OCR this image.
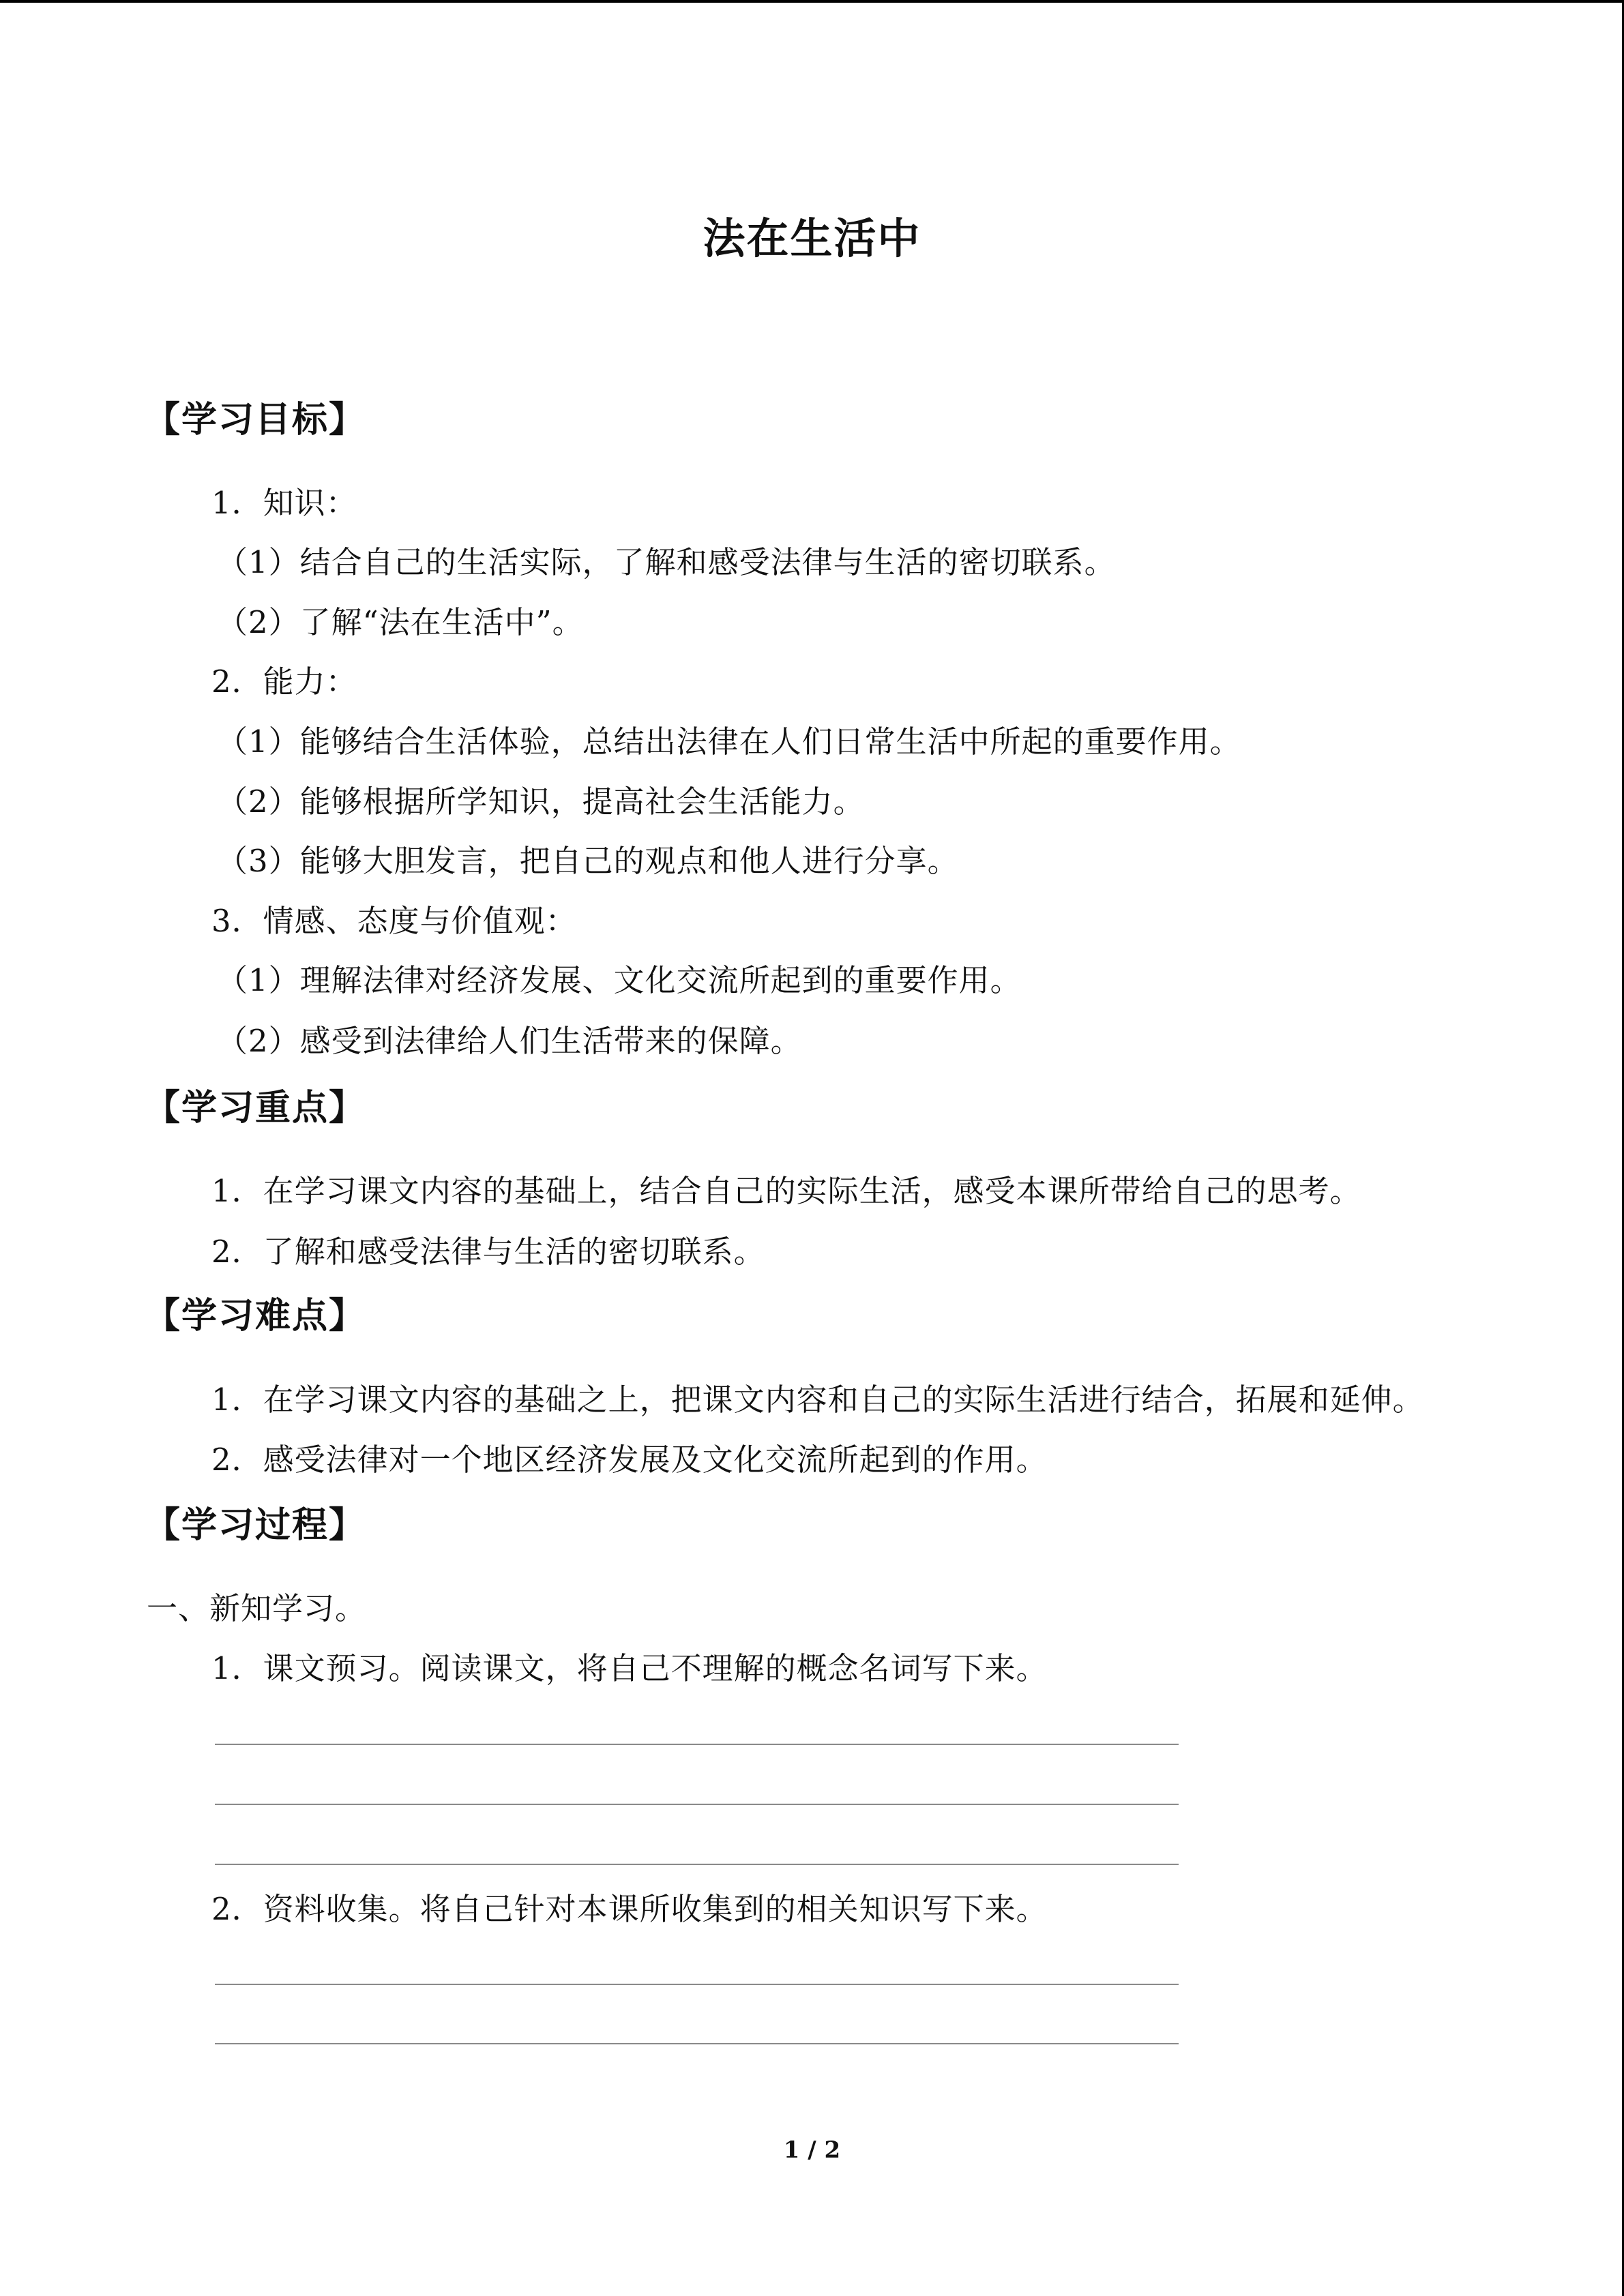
法在生活中
【学习目标】
1．知识：
（1）结合自己的生活实际，了解和感受法律与生活的密切联系。
（2）了解“法在生活中”。
2．能力：
（1）能够结合生活体验，总结出法律在人们日常生活中所起的重要作用。
（2）能够根据所学知识，提高社会生活能力。
（3）能够大胆发言，把自己的观点和他人进行分享。
3．情感、态度与价值观：
（1）理解法律对经济发展、文化交流所起到的重要作用。
（2）感受到法律给人们生活带来的保障。
【学习重点】
1．在学习课文内容的基础上，结合自己的实际生活，感受本课所带给自己的思考。
2．了解和感受法律与生活的密切联系。
【学习难点】
1．在学习课文内容的基础之上，把课文内容和自己的实际生活进行结合，拓展和延伸。
2．感受法律对一个地区经济发展及文化交流所起到的作用。
【学习过程】
一、新知学习。
1．课文预习。阅读课文，将自己不理解的概念名词写下来。
2．资料收集。将自己针对本课所收集到的相关知识写下来。
1 / 2
